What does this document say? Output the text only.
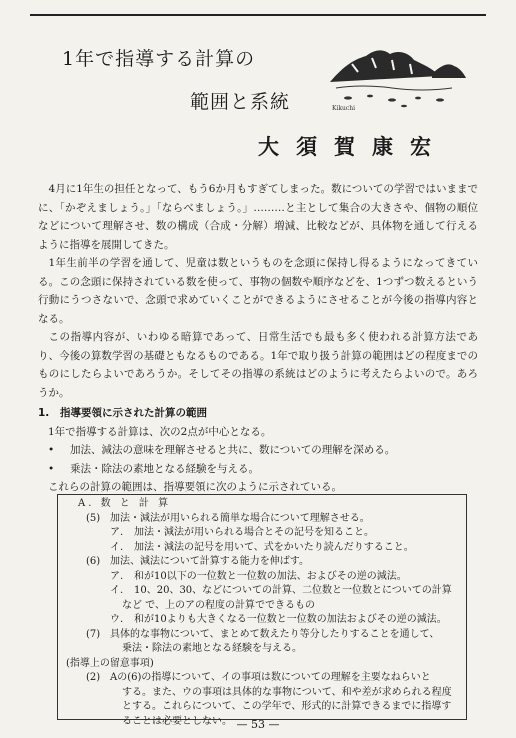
1年で指導する計算の
範囲と系統	Kikuchi
大須賀康宏

4月に1年生の担任となって、もう6か月もすぎてしまった。数についての学習ではいままでに、「かぞえましょう。」「ならべましょう。」………と主として集合の大きさや、個物の順位などについて理解させ、数の構成（合成・分解）増減、比較などが、具体物を通して行えるように指導を展開してきた。

1年生前半の学習を通して、児童は数というものを念頭に保持し得るようになってきている。この念頭に保持されている数を使って、事物の個数や順序などを、1つずつ数えるという行動にうつさないで、念頭で求めていくことができるようにさせることが今後の指導内容となる。

この指導内容が、いわゆる暗算であって、日常生活でも最も多く使われる計算方法であり、今後の算数学習の基礎ともなるものである。1年で取り扱う計算の範囲はどの程度までのものにしたらよいであろうか。そしてその指導の系統はどのように考えたらよいので。あろうか。

1. 指導要領に示された計算の範囲
1年で指導する計算は、次の2点が中心となる。
• 加法、減法の意味を理解させると共に、数についての理解を深める。
• 乗法・除法の素地となる経験を与える。
これらの計算の範囲は、指導要領に次のように示されている。
A. 数 と 計 算
(5) 加法・減法が用いられる簡単な場合について理解させる。
ア. 加法・減法が用いられる場合とその記号を知ること。
イ. 加法・減法の記号を用いて、式をかいたり読んだりすること。
(6) 加法、減法について計算する能力を伸ばす。
ア. 和が10以下の一位数と一位数の加法、およびその逆の減法。
イ. 10、20、30、などについての計算、二位数と一位数とについての計算
など で、上のアの程度の計算でできるもの
ウ. 和が10よりも大きくなる一位数と一位数の加法およびその逆の減法。
(7) 具体的な事物について、まとめて数えたり等分したりすることを通して、
乗法・除法の素地となる経験を与える。
(指導上の留意事項)
(2) Aの(6)の指導について、イの事項は数についての理解を主要なねらいと
する。また、ウの事項は具体的な事物について、和や差が求められる程度
とする。これらについて、この学年で、形式的に計算できるまでに指導す
ることは必要としない。 — 53 —
